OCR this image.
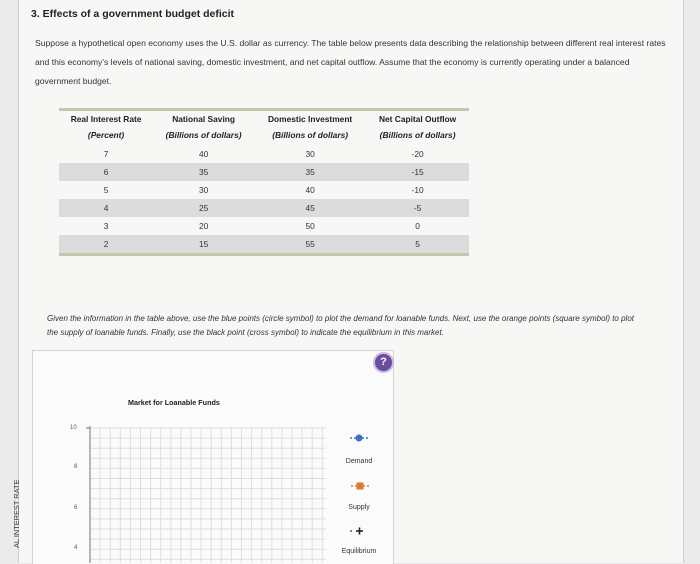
3. Effects of a government budget deficit
Suppose a hypothetical open economy uses the U.S. dollar as currency. The table below presents data describing the relationship between different real interest rates and this economy's levels of national saving, domestic investment, and net capital outflow. Assume that the economy is currently operating under a balanced government budget.
Real Interest Rate	National Saving	Domestic Investment	Net Capital Outflow
(Percent)	(Billions of dollars)	(Billions of dollars)	(Billions of dollars)

7	40	30	-20
6	35	35	-15
5	30	40	-10
4	25	45	-5
3	20	50	0
2	15	55	5
Given the information in the table above, use the blue points (circle symbol) to plot the demand for loanable funds. Next, use the orange points (square symbol) to plot the supply of loanable funds. Finally, use the black point (cross symbol) to indicate the equilibrium in this market.
?
Market for Loanable Funds
AL INTEREST RATE
10
8
6
4
Demand
Supply
Equilibrium
